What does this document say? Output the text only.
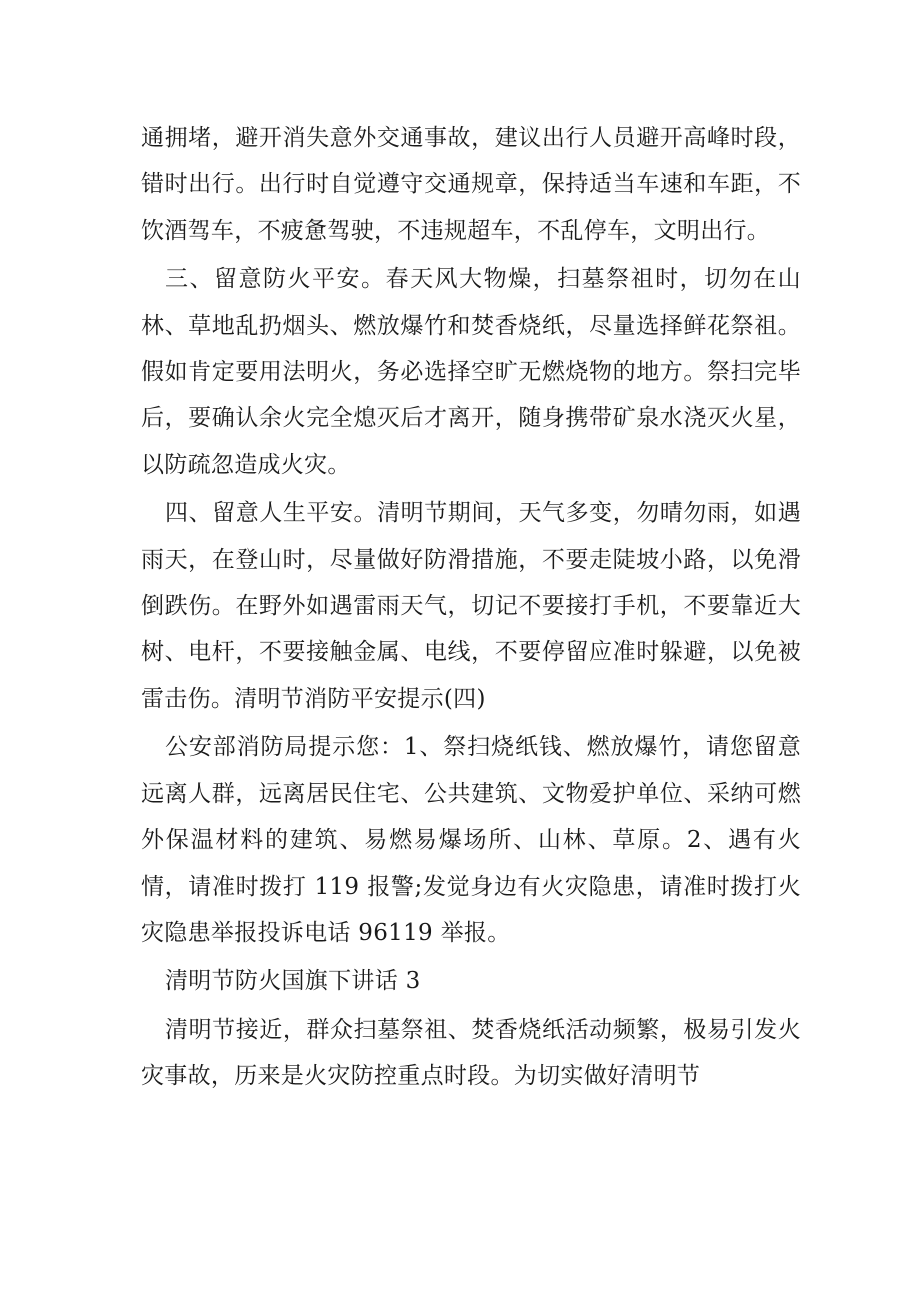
通拥堵，避开消失意外交通事故，建议出行人员避开高峰时段，错时出行。出行时自觉遵守交通规章，保持适当车速和车距，不饮酒驾车，不疲惫驾驶，不违规超车，不乱停车，文明出行。

三、留意防火平安。春天风大物燥，扫墓祭祖时，切勿在山林、草地乱扔烟头、燃放爆竹和焚香烧纸，尽量选择鲜花祭祖。假如肯定要用法明火，务必选择空旷无燃烧物的地方。祭扫完毕后，要确认余火完全熄灭后才离开，随身携带矿泉水浇灭火星，以防疏忽造成火灾。

四、留意人生平安。清明节期间，天气多变，勿晴勿雨，如遇雨天，在登山时，尽量做好防滑措施，不要走陡坡小路，以免滑倒跌伤。在野外如遇雷雨天气，切记不要接打手机，不要靠近大树、电杆，不要接触金属、电线，不要停留应准时躲避，以免被雷击伤。清明节消防平安提示(四)

公安部消防局提示您：1、祭扫烧纸钱、燃放爆竹，请您留意远离人群，远离居民住宅、公共建筑、文物爱护单位、采纳可燃外保温材料的建筑、易燃易爆场所、山林、草原。2、遇有火情，请准时拨打 119 报警;发觉身边有火灾隐患，请准时拨打火灾隐患举报投诉电话 96119 举报。

清明节防火国旗下讲话 3

清明节接近，群众扫墓祭祖、焚香烧纸活动频繁，极易引发火灾事故，历来是火灾防控重点时段。为切实做好清明节
